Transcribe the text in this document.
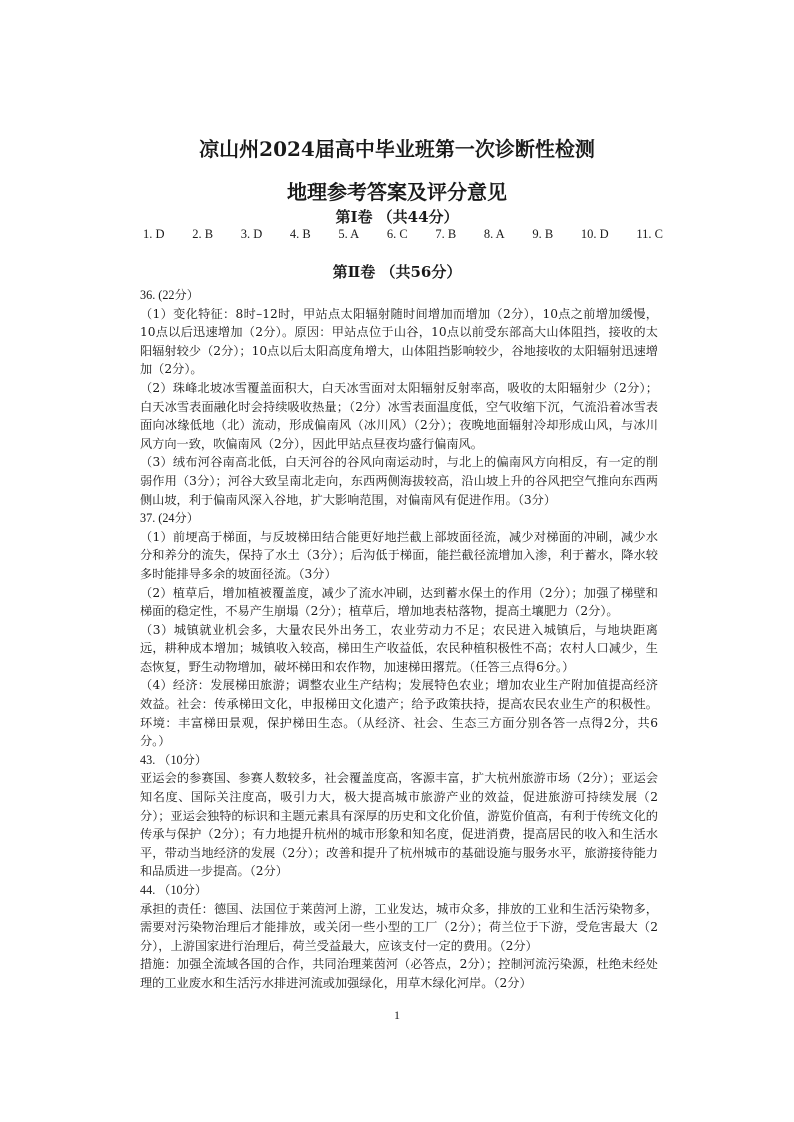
凉山州2024届高中毕业班第一次诊断性检测
地理参考答案及评分意见
第Ⅰ卷 （共44分）
1. D 2. B 3. D 4. B 5. A 6. C 7. B 8. A 9. B 10. D 11. C
第Ⅱ卷 （共56分）

36. (22分）

（1）变化特征：8时–12时，甲站点太阳辐射随时间增加而增加（2分），10点之前增加缓慢，10点以后迅速增加（2分）。原因：甲站点位于山谷，10点以前受东部高大山体阻挡，接收的太阳辐射较少（2分）；10点以后太阳高度角增大，山体阻挡影响较少，谷地接收的太阳辐射迅速增加（2分）。

（2）珠峰北坡冰雪覆盖面积大，白天冰雪面对太阳辐射反射率高，吸收的太阳辐射少（2分）；白天冰雪表面融化时会持续吸收热量；（2分）冰雪表面温度低，空气收缩下沉，气流沿着冰雪表面向冰缘低地（北）流动，形成偏南风（冰川风）（2分）；夜晚地面辐射冷却形成山风，与冰川风方向一致，吹偏南风（2分），因此甲站点昼夜均盛行偏南风。

（3）绒布河谷南高北低，白天河谷的谷风向南运动时，与北上的偏南风方向相反，有一定的削弱作用（3分）；河谷大致呈南北走向，东西两侧海拔较高，沿山坡上升的谷风把空气推向东西两侧山坡，利于偏南风深入谷地，扩大影响范围，对偏南风有促进作用。（3分）

37. (24分）

（1）前埂高于梯面，与反坡梯田结合能更好地拦截上部坡面径流，减少对梯面的冲刷，减少水分和养分的流失，保持了水土（3分）；后沟低于梯面，能拦截径流增加入渗，利于蓄水，降水较多时能排导多余的坡面径流。（3分）

（2）植草后，增加植被覆盖度，减少了流水冲刷，达到蓄水保土的作用（2分）；加强了梯壁和梯面的稳定性，不易产生崩塌（2分）；植草后，增加地表枯落物，提高土壤肥力（2分）。

（3）城镇就业机会多，大量农民外出务工，农业劳动力不足；农民进入城镇后，与地块距离远，耕种成本增加；城镇收入较高，梯田生产收益低，农民种植积极性不高；农村人口减少，生态恢复，野生动物增加，破坏梯田和农作物，加速梯田撂荒。（任答三点得6分。）

（4）经济：发展梯田旅游；调整农业生产结构；发展特色农业；增加农业生产附加值提高经济效益。社会：传承梯田文化，申报梯田文化遗产；给予政策扶持，提高农民农业生产的积极性。环境：丰富梯田景观，保护梯田生态。（从经济、社会、生态三方面分别各答一点得2分，共6分。）

43. （10分）

亚运会的参赛国、参赛人数较多，社会覆盖度高，客源丰富，扩大杭州旅游市场（2分）；亚运会知名度、国际关注度高，吸引力大，极大提高城市旅游产业的效益，促进旅游可持续发展（2分）；亚运会独特的标识和主题元素具有深厚的历史和文化价值，游览价值高，有利于传统文化的传承与保护（2分）；有力地提升杭州的城市形象和知名度，促进消费，提高居民的收入和生活水平，带动当地经济的发展（2分）；改善和提升了杭州城市的基础设施与服务水平，旅游接待能力和品质进一步提高。（2分）

44. （10分）

承担的责任：德国、法国位于莱茵河上游，工业发达，城市众多，排放的工业和生活污染物多，需要对污染物治理后才能排放，或关闭一些小型的工厂（2分）；荷兰位于下游，受危害最大（2分），上游国家进行治理后，荷兰受益最大，应该支付一定的费用。（2分）

措施：加强全流域各国的合作，共同治理莱茵河（必答点，2分）；控制河流污染源，杜绝未经处理的工业废水和生活污水排进河流或加强绿化，用草木绿化河岸。（2分）

1
